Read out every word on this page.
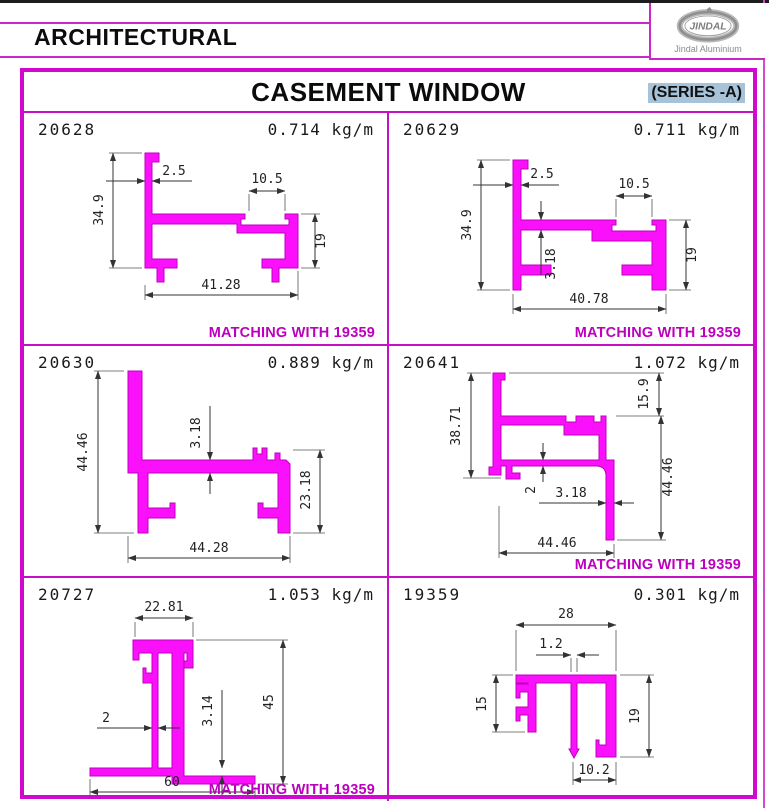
ARCHITECTURAL	JINDAL
Jindal Aluminium
CASEMENT WINDOW	(SERIES -A)
34.9
2.5
10.5
19
41.28
20628	0.714 kg/m
MATCHING WITH 19359
34.9
2.5
10.5
3.18	19
40.78
20629	0.711 kg/m
MATCHING WITH 19359
44.46	3.18
23.18
44.28
20630	0.889 kg/m
38.71
15.9
44.46
2 3.18
44.46
20641	1.072 kg/m
MATCHING WITH 19359
22.81
2	3.14	45
60
20727	1.053 kg/m
MATCHING WITH 19359
28
1.2
15
19
10.2
19359	0.301 kg/m
